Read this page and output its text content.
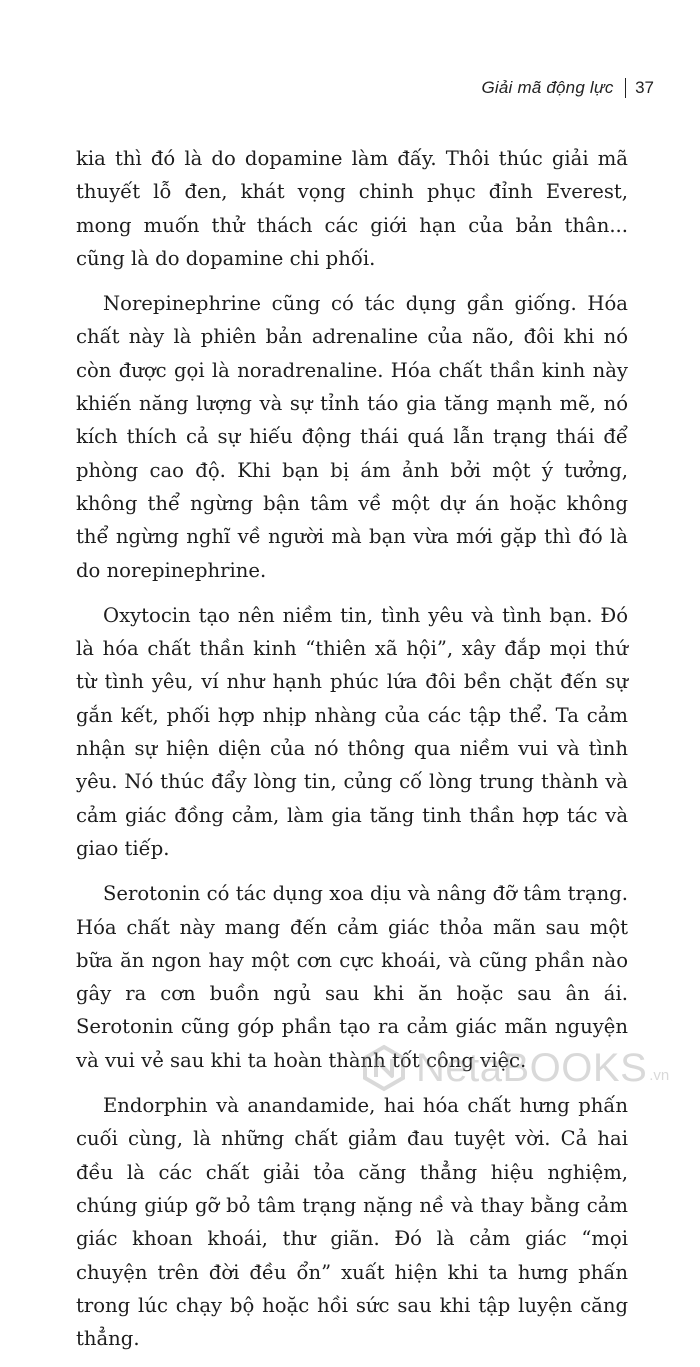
Giải mã động lực 37

kia thì đó là do dopamine làm đấy. Thôi thúc giải mã thuyết lỗ đen, khát vọng chinh phục đỉnh Everest, mong muốn thử thách các giới hạn của bản thân... cũng là do dopamine chi phối.

Norepinephrine cũng có tác dụng gần giống. Hóa chất này là phiên bản adrenaline của não, đôi khi nó còn được gọi là noradrenaline. Hóa chất thần kinh này khiến năng lượng và sự tỉnh táo gia tăng mạnh mẽ, nó kích thích cả sự hiếu động thái quá lẫn trạng thái để phòng cao độ. Khi bạn bị ám ảnh bởi một ý tưởng, không thể ngừng bận tâm về một dự án hoặc không thể ngừng nghĩ về người mà bạn vừa mới gặp thì đó là do norepinephrine.

Oxytocin tạo nên niềm tin, tình yêu và tình bạn. Đó là hóa chất thần kinh “thiên xã hội”, xây đắp mọi thứ từ tình yêu, ví như hạnh phúc lứa đôi bền chặt đến sự gắn kết, phối hợp nhịp nhàng của các tập thể. Ta cảm nhận sự hiện diện của nó thông qua niềm vui và tình yêu. Nó thúc đẩy lòng tin, củng cố lòng trung thành và cảm giác đồng cảm, làm gia tăng tinh thần hợp tác và giao tiếp.

Serotonin có tác dụng xoa dịu và nâng đỡ tâm trạng. Hóa chất này mang đến cảm giác thỏa mãn sau một bữa ăn ngon hay một cơn cực khoái, và cũng phần nào gây ra cơn buồn ngủ sau khi ăn hoặc sau ân ái. Serotonin cũng góp phần tạo ra cảm giác mãn nguyện và vui vẻ sau khi ta hoàn thành tốt công việc.

Endorphin và anandamide, hai hóa chất hưng phấn cuối cùng, là những chất giảm đau tuyệt vời. Cả hai đều là các chất giải tỏa căng thẳng hiệu nghiệm, chúng giúp gỡ bỏ tâm trạng nặng nề và thay bằng cảm giác khoan khoái, thư giãn. Đó là cảm giác “mọi chuyện trên đời đều ổn” xuất hiện khi ta hưng phấn trong lúc chạy bộ hoặc hồi sức sau khi tập luyện căng thẳng.

NetaBOOKS .vn
